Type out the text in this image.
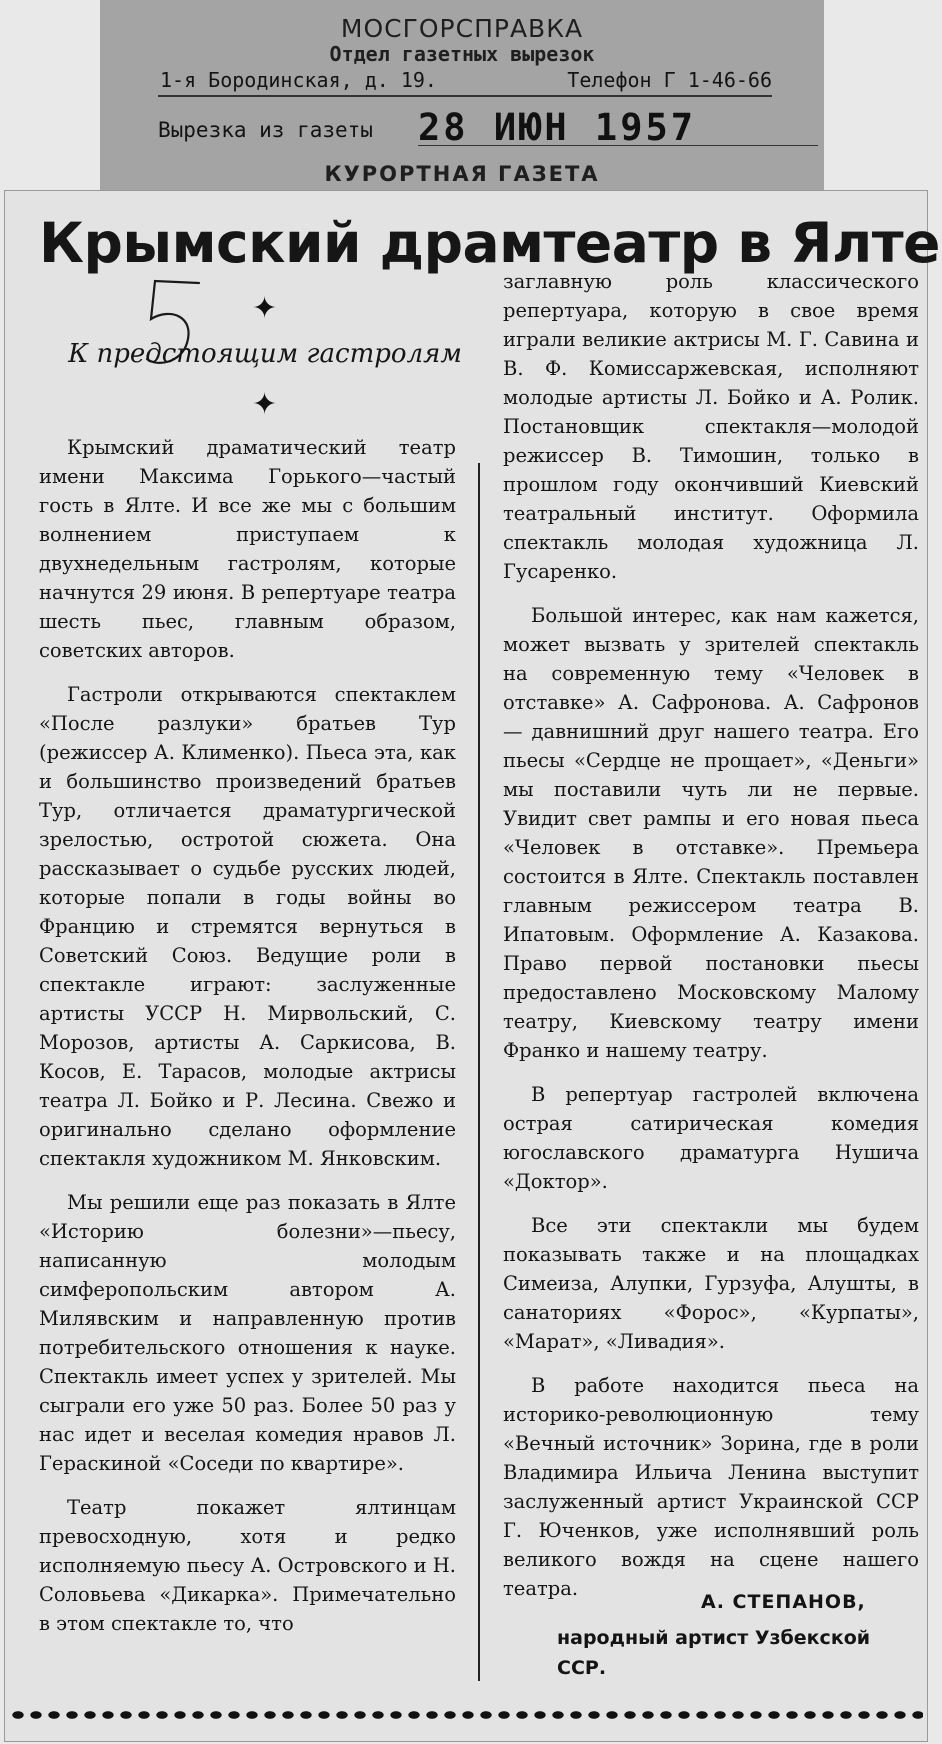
МОСГОРСПРАВКА
Отдел газетных вырезок
1-я Бородинская, д. 19.	Телефон Г 1-46-66
Вырезка из газеты 28 ИЮН 1957
КУРОРТНАЯ ГАЗЕТА
Крымский драмтеатр в Ялте
✦
К предстоящим гастролям
✦

Крымский драматический театр имени Максима Горького—частый гость в Ялте. И все же мы с большим волнением приступаем к двухнедельным гастролям, которые начнутся 29 июня. В репертуаре театра шесть пьес, главным образом, советских авторов.

Гастроли открываются спектаклем «После разлуки» братьев Тур (режиссер А. Клименко). Пьеса эта, как и большинство произведений братьев Тур, отличается драматургической зрелостью, остротой сюжета. Она рассказывает о судьбе русских людей, которые попали в годы войны во Францию и стремятся вернуться в Советский Союз. Ведущие роли в спектакле играют: заслуженные артисты УССР Н. Мирвольский, С. Морозов, артисты А. Саркисова, В. Косов, Е. Тарасов, молодые актрисы театра Л. Бойко и Р. Лесина. Свежо и оригинально сделано оформление спектакля художником М. Янковским.

Мы решили еще раз показать в Ялте «Историю болезни»—пьесу, написанную молодым симферопольским автором А. Милявским и направленную против потребительского отношения к науке. Спектакль имеет успех у зрителей. Мы сыграли его уже 50 раз. Более 50 раз у нас идет и веселая комедия нравов Л. Гераскиной «Соседи по квартире».

Театр покажет ялтинцам превосходную, хотя и редко исполняемую пьесу А. Островского и Н. Соловьева «Дикарка». Примечательно в этом спектакле то, что

заглавную роль классического репертуара, которую в свое время играли великие актрисы М. Г. Савина и В. Ф. Комиссаржевская, исполняют молодые артисты Л. Бойко и А. Ролик. Постановщик спектакля—молодой режиссер В. Тимошин, только в прошлом году окончивший Киевский театральный институт. Оформила спектакль молодая художница Л. Гусаренко.

Большой интерес, как нам кажется, может вызвать у зрителей спектакль на современную тему «Человек в отставке» А. Сафронова. А. Сафронов — давнишний друг нашего театра. Его пьесы «Сердце не прощает», «Деньги» мы поставили чуть ли не первые. Увидит свет рампы и его новая пьеса «Человек в отставке». Премьера состоится в Ялте. Спектакль поставлен главным режиссером театра В. Ипатовым. Оформление А. Казакова. Право первой постановки пьесы предоставлено Московскому Малому театру, Киевскому театру имени Франко и нашему театру.

В репертуар гастролей включена острая сатирическая комедия югославского драматурга Нушича «Доктор».

Все эти спектакли мы будем показывать также и на площадках Симеиза, Алупки, Гурзуфа, Алушты, в санаториях «Форос», «Курпаты», «Марат», «Ливадия».

В работе находится пьеса на историко-революционную тему «Вечный источник» Зорина, где в роли Владимира Ильича Ленина выступит заслуженный артист Украинской ССР Г. Юченков, уже исполнявший роль великого вождя на сцене нашего театра.

А. СТЕПАНОВ,
народный артист Узбекской ССР.
